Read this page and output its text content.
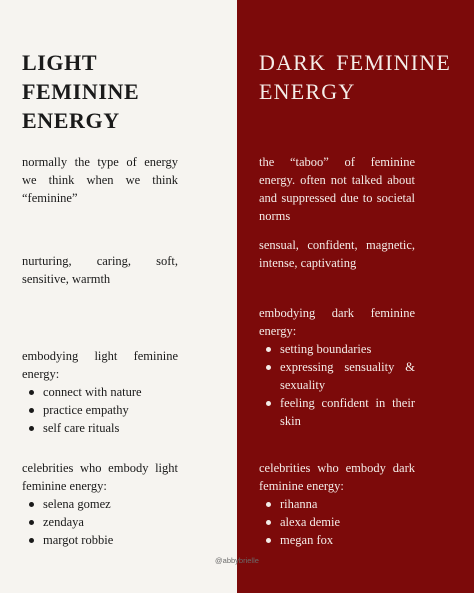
LIGHT FEMININE ENERGY

normally the type of energy we think when we think “feminine”

nurturing, caring, soft, sensitive, warmth

embodying light feminine energy:

connect with nature
practice empathy
self care rituals

celebrities who embody light feminine energy:

selena gomez
zendaya
margot robbie
DARK FEMININE ENERGY

the “taboo” of feminine energy. often not talked about and suppressed due to societal norms

sensual, confident, magnetic, intense, captivating

embodying dark feminine energy:

setting boundaries
expressing sensuality & sexuality
feeling confident in their skin

celebrities who embody dark feminine energy:

rihanna
alexa demie
megan fox
@abbybrielle
